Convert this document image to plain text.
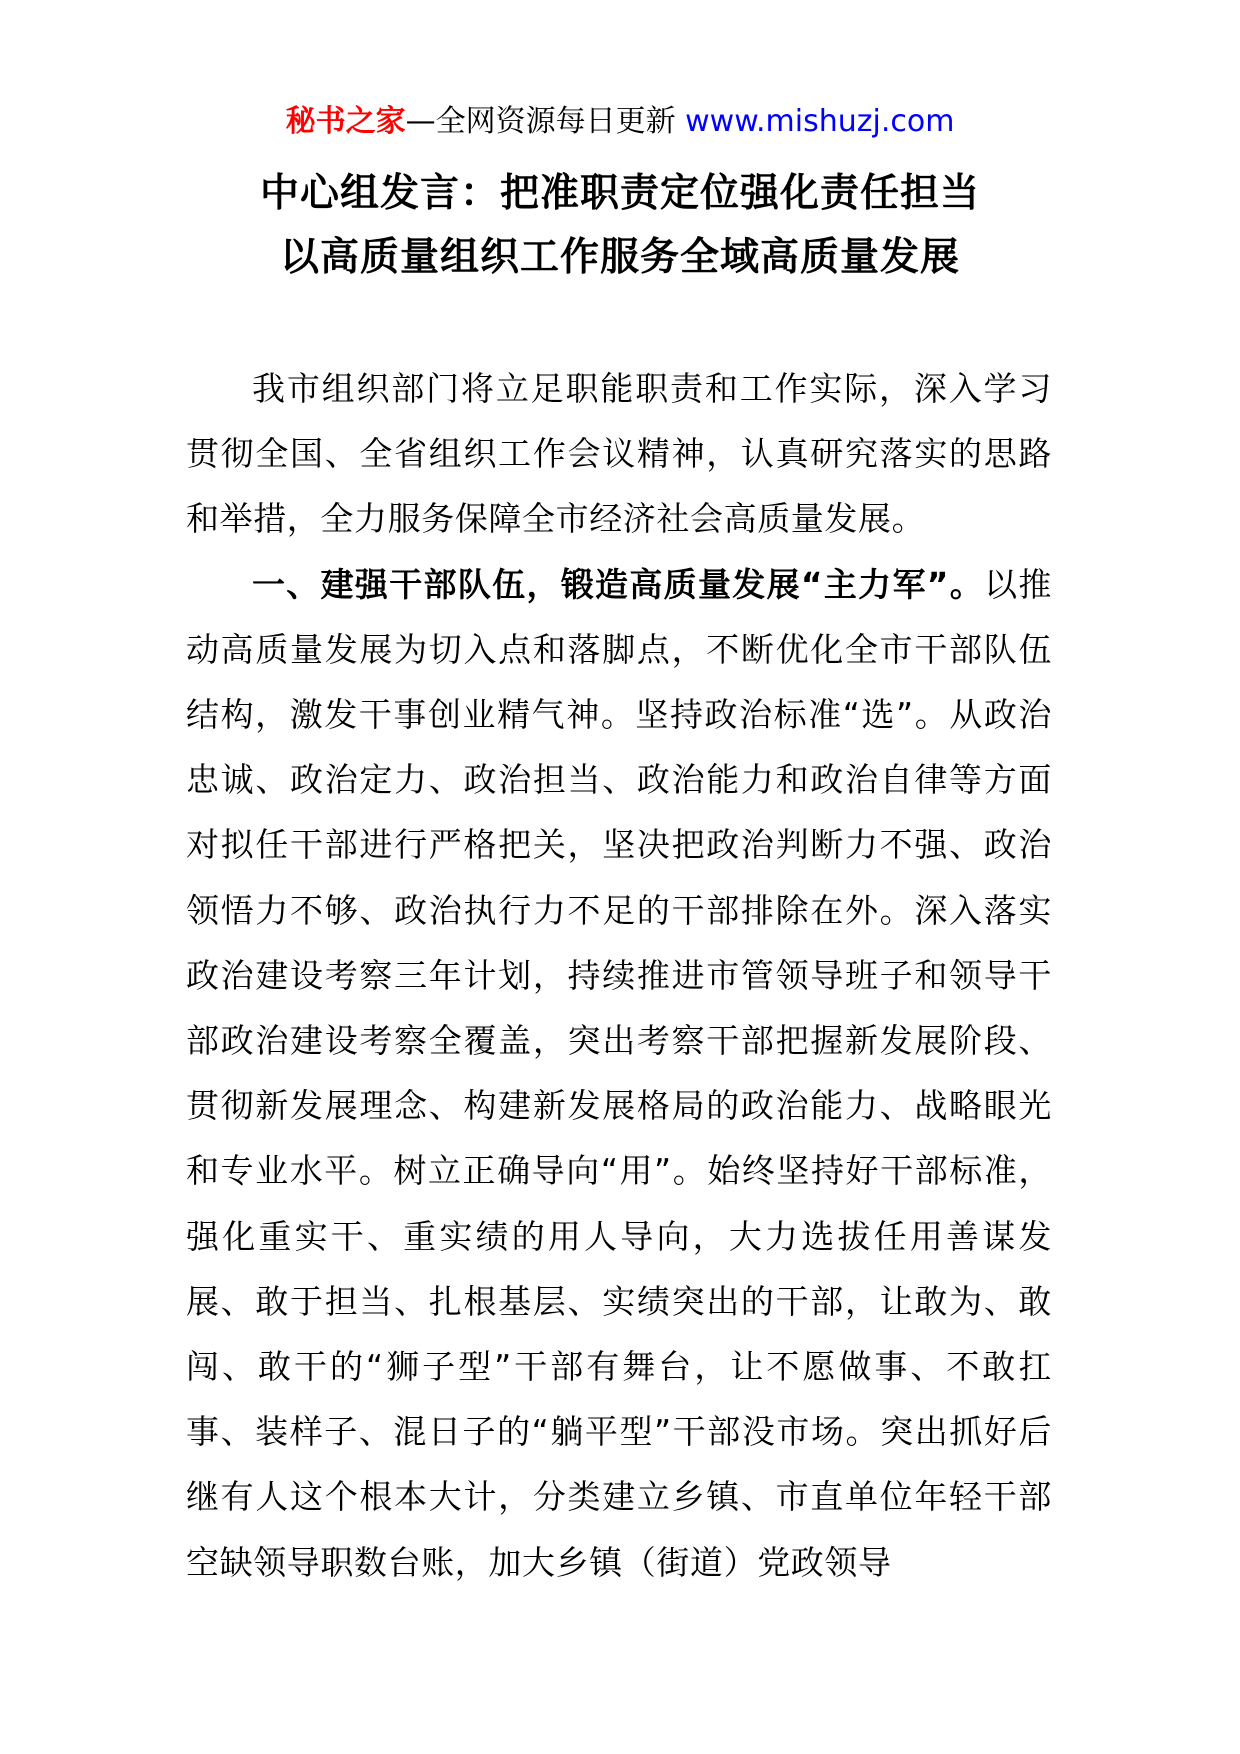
秘书之家—全网资源每日更新 www.mishuzj.com
中心组发言：把准职责定位强化责任担当
以高质量组织工作服务全域高质量发展

我市组织部门将立足职能职责和工作实际，深入学习贯彻全国、全省组织工作会议精神，认真研究落实的思路和举措，全力服务保障全市经济社会高质量发展。

一、建强干部队伍，锻造高质量发展“主力军”。以推动高质量发展为切入点和落脚点，不断优化全市干部队伍结构，激发干事创业精气神。坚持政治标准“选”。从政治忠诚、政治定力、政治担当、政治能力和政治自律等方面对拟任干部进行严格把关，坚决把政治判断力不强、政治领悟力不够、政治执行力不足的干部排除在外。深入落实政治建设考察三年计划，持续推进市管领导班子和领导干部政治建设考察全覆盖，突出考察干部把握新发展阶段、贯彻新发展理念、构建新发展格局的政治能力、战略眼光和专业水平。树立正确导向“用”。始终坚持好干部标准，强化重实干、重实绩的用人导向，大力选拔任用善谋发展、敢于担当、扎根基层、实绩突出的干部，让敢为、敢闯、敢干的“狮子型”干部有舞台，让不愿做事、不敢扛事、装样子、混日子的“躺平型”干部没市场。突出抓好后继有人这个根本大计，分类建立乡镇、市直单位年轻干部空缺领导职数台账，加大乡镇（街道）党政领导
